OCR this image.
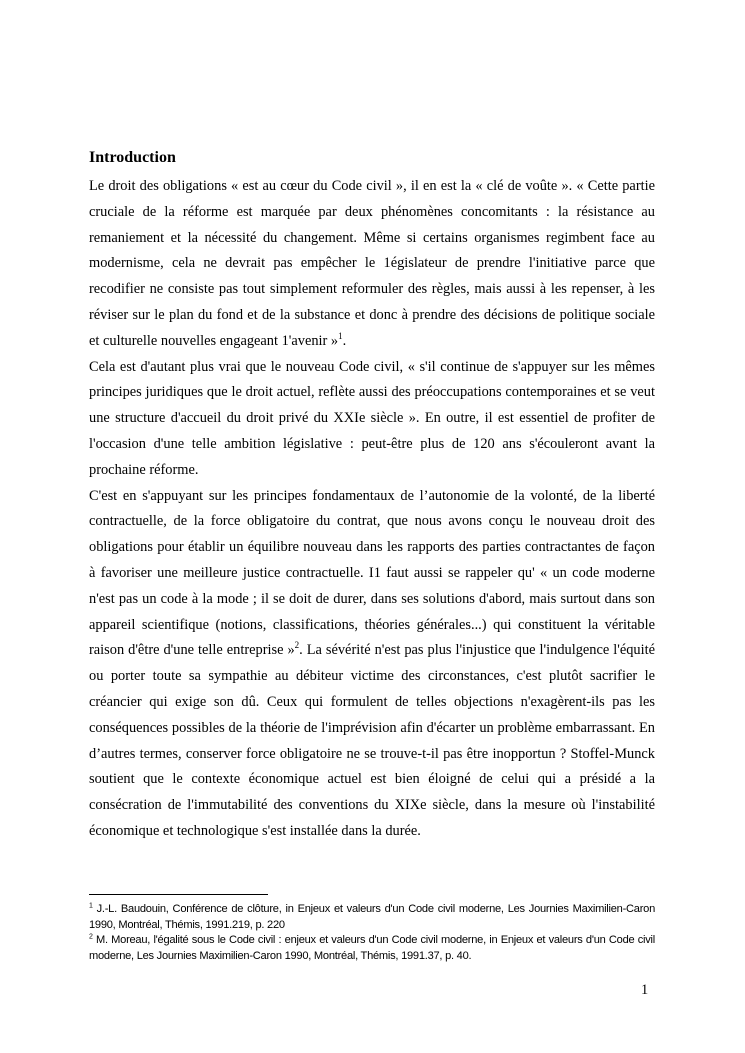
Introduction

Le droit des obligations « est au cœur du Code civil », il en est la « clé de voûte ». « Cette partie cruciale de la réforme est marquée par deux phénomènes concomitants : la résistance au remaniement et la nécessité du changement. Même si certains organismes regimbent face au modernisme, cela ne devrait pas empêcher le 1égislateur de prendre l'initiative parce que recodifier ne consiste pas tout simplement reformuler des règles, mais aussi à les repenser, à les réviser sur le plan du fond et de la substance et donc à prendre des décisions de politique sociale et culturelle nouvelles engageant 1'avenir »$^1$.

Cela est d'autant plus vrai que le nouveau Code civil, « s'il continue de s'appuyer sur les mêmes principes juridiques que le droit actuel, reflète aussi des préoccupations contemporaines et se veut une structure d'accueil du droit privé du XXIe siècle ». En outre, il est essentiel de profiter de l'occasion d'une telle ambition législative : peut-être plus de 120 ans s'écouleront avant la prochaine réforme.

C'est en s'appuyant sur les principes fondamentaux de l’autonomie de la volonté, de la liberté contractuelle, de la force obligatoire du contrat, que nous avons conçu le nouveau droit des obligations pour établir un équilibre nouveau dans les rapports des parties contractantes de façon à favoriser une meilleure justice contractuelle. I1 faut aussi se rappeler qu' « un code moderne n'est pas un code à la mode ; il se doit de durer, dans ses solutions d'abord, mais surtout dans son appareil scientifique (notions, classifications, théories générales...) qui constituent la véritable raison d'être d'une telle entreprise »$^2$. La sévérité n'est pas plus l'injustice que l'indulgence l'équité ou porter toute sa sympathie au débiteur victime des circonstances, c'est plutôt sacrifier le créancier qui exige son dû. Ceux qui formulent de telles objections n'exagèrent-ils pas les conséquences possibles de la théorie de l'imprévision afin d'écarter un problème embarrassant. En d’autres termes, conserver force obligatoire ne se trouve-t-il pas être inopportun ? Stoffel-Munck soutient que le contexte économique actuel est bien éloigné de celui qui a présidé a la consécration de l'immutabilité des conventions du XIXe siècle, dans la mesure où l'instabilité économique et technologique s'est installée dans la durée.

$^1$ J.-L. Baudouin, Conférence de clôture, in Enjeux et valeurs d'un Code civil moderne, Les Journies Maximilien-Caron 1990, Montréal, Thémis, 1991.219, p. 220

$^2$ M. Moreau, l'égalité sous le Code civil : enjeux et valeurs d'un Code civil moderne, in Enjeux et valeurs d'un Code civil moderne, Les Journies Maximilien-Caron 1990, Montréal, Thémis, 1991.37, p. 40.

1
